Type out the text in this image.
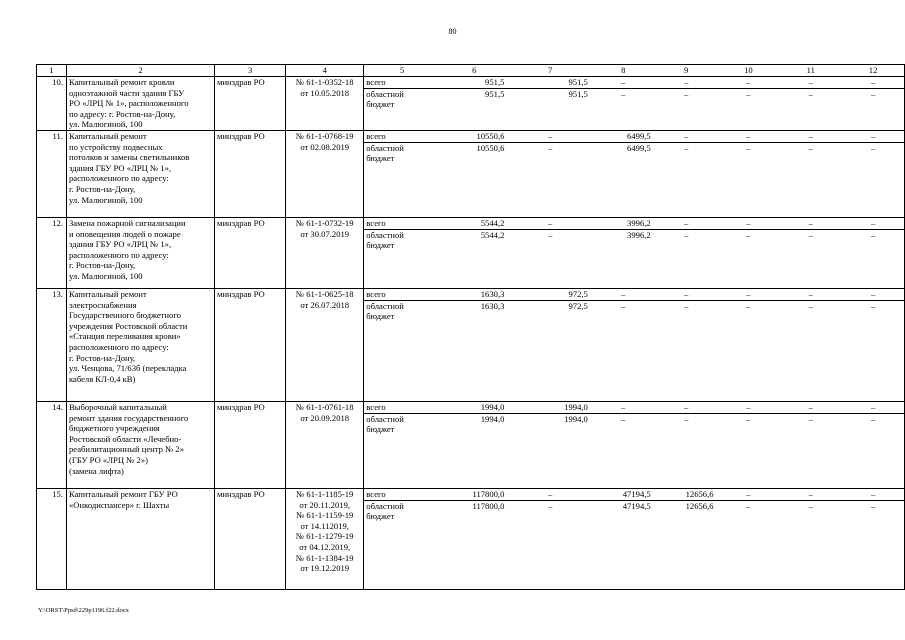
80
1	2	3	4		5	6	7	8	9	10	11	12

10.	Капитальный ремонт кровли
одноэтажной части здания ГБУ
РО «ЛРЦ № 1», расположенного
по адресу: г. Ростов-на-Дону,
ул. Малюгиной, 100
	минздрав РО	№ 61-1-0352-18
от 10.05.2018

всего	951,5	951,5	–	–	–	–	–

областной
бюджет
	951,5	951,5	–	–	–	–	–

11.	Капитальный ремонт
по устройству подвесных
потолков и замены светильников
здания ГБУ РО «ЛРЦ № 1»,
расположенного по адресу:
г. Ростов-на-Дону,
ул. Малюгиной, 100
	минздрав РО	№ 61-1-0768-19
от 02.08.2019

всего	10550,6	–	6499,5	–	–	–	–

областной
бюджет
	10550,6	–	6499,5	–	–	–	–

12.	Замена пожарной сигнализации
и оповещения людей о пожаре
здания ГБУ РО «ЛРЦ № 1»,
расположенного по адресу:
г. Ростов-на-Дону,
ул. Малюгиной, 100
	минздрав РО	№ 61-1-0732-19
от 30.07.2019

всего	5544,2	–	3996,2	–	–	–	–

областной
бюджет
	5544,2	–	3996,2	–	–	–	–

13.	Капитальный ремонт
электроснабжения
Государственного бюджетного
учреждения Ростовской области
«Станция переливания крови»
расположенного по адресу:
г. Ростов-на-Дону,
ул. Ченцова, 71/63б (перекладка
кабеля КЛ-0,4 кВ)
	минздрав РО	№ 61-1-0625-18
от 26.07.2018

всего	1630,3	972,5	–	–	–	–	–

областной
бюджет
	1630,3	972,5	–	–	–	–	–

14.	Выборочный капитальный
ремонт здания государственного
бюджетного учреждения
Ростовской области «Лечебно-
реабилитационный центр № 2»
(ГБУ РО «ЛРЦ № 2»)
(замена лифта)
	минздрав РО	№ 61-1-0761-18
от 20.09.2018

всего	1994,0	1994,0	–	–	–	–	–

областной
бюджет
	1994,0	1994,0	–	–	–	–	–

15.	Капитальный ремонт ГБУ РО
«Онкодиспансер» г. Шахты
	минздрав РО	№ 61-1-1185-19
от 20.11.2019,
№ 61-1-1159-19
от 14.112019,
№ 61-1-1279-19
от 04.12.2019,
№ 61-1-1384-19
от 19.12.2019

всего	117800,0	–	47194,5	12656,6	–	–	–

областной
бюджет
	117800,0	–	47194,5	12656,6	–	–	–
Y:\ORST\Ppsd\229p1196.f22.docx
